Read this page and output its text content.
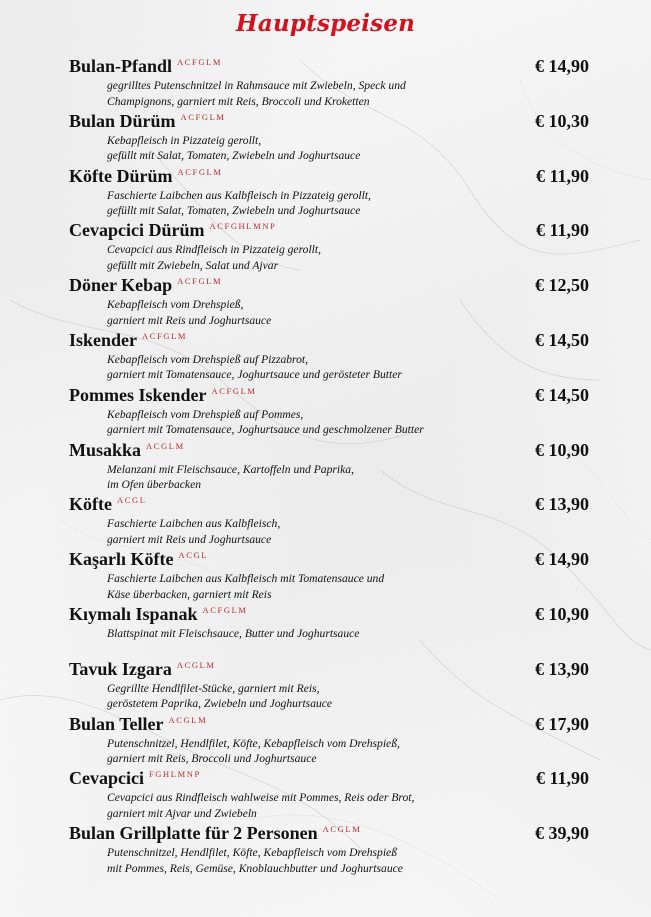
Hauptspeisen
Bulan-Pfandl ACFGLM	€ 14,90
gegrilltes Putenschnitzel in Rahmsauce mit Zwiebeln, Speck und
Champignons, garniert mit Reis, Broccoli und Kroketten
Bulan Dürüm ACFGLM	€ 10,30
Kebapfleisch in Pizzateig gerollt,
gefüllt mit Salat, Tomaten, Zwiebeln und Joghurtsauce
Köfte Dürüm ACFGLM	€ 11,90
Faschierte Laibchen aus Kalbfleisch in Pizzateig gerollt,
gefüllt mit Salat, Tomaten, Zwiebeln und Joghurtsauce
Cevapcici Dürüm ACFGHLMNP	€ 11,90
Cevapcici aus Rindfleisch in Pizzateig gerollt,
gefüllt mit Zwiebeln, Salat und Ajvar
Döner Kebap ACFGLM	€ 12,50
Kebapfleisch vom Drehspieß,
garniert mit Reis und Joghurtsauce
Iskender ACFGLM	€ 14,50
Kebapfleisch vom Drehspieß auf Pizzabrot,
garniert mit Tomatensauce, Joghurtsauce und gerösteter Butter
Pommes Iskender ACFGLM	€ 14,50
Kebapfleisch vom Drehspieß auf Pommes,
garniert mit Tomatensauce, Joghurtsauce und geschmolzener Butter
Musakka ACGLM	€ 10,90
Melanzani mit Fleischsauce, Kartoffeln und Paprika,
im Ofen überbacken
Köfte ACGL	€ 13,90
Faschierte Laibchen aus Kalbfleisch,
garniert mit Reis und Joghurtsauce
Kaşarlı Köfte ACGL	€ 14,90
Faschierte Laibchen aus Kalbfleisch mit Tomatensauce und
Käse überbacken, garniert mit Reis
Kıymalı Ispanak ACFGLM	€ 10,90
Blattspinat mit Fleischsauce, Butter und Joghurtsauce
Tavuk Izgara ACGLM	€ 13,90
Gegrillte Hendlfilet-Stücke, garniert mit Reis,
geröstetem Paprika, Zwiebeln und Joghurtsauce
Bulan Teller ACGLM	€ 17,90
Putenschnitzel, Hendlfilet, Köfte, Kebapfleisch vom Drehspieß,
garniert mit Reis, Broccoli und Joghurtsauce
Cevapcici FGHLMNP	€ 11,90
Cevapcici aus Rindfleisch wahlweise mit Pommes, Reis oder Brot,
garniert mit Ajvar und Zwiebeln
Bulan Grillplatte für 2 Personen ACGLM	€ 39,90
Putenschnitzel, Hendlfilet, Köfte, Kebapfleisch vom Drehspieß
mit Pommes, Reis, Gemüse, Knoblauchbutter und Joghurtsauce
